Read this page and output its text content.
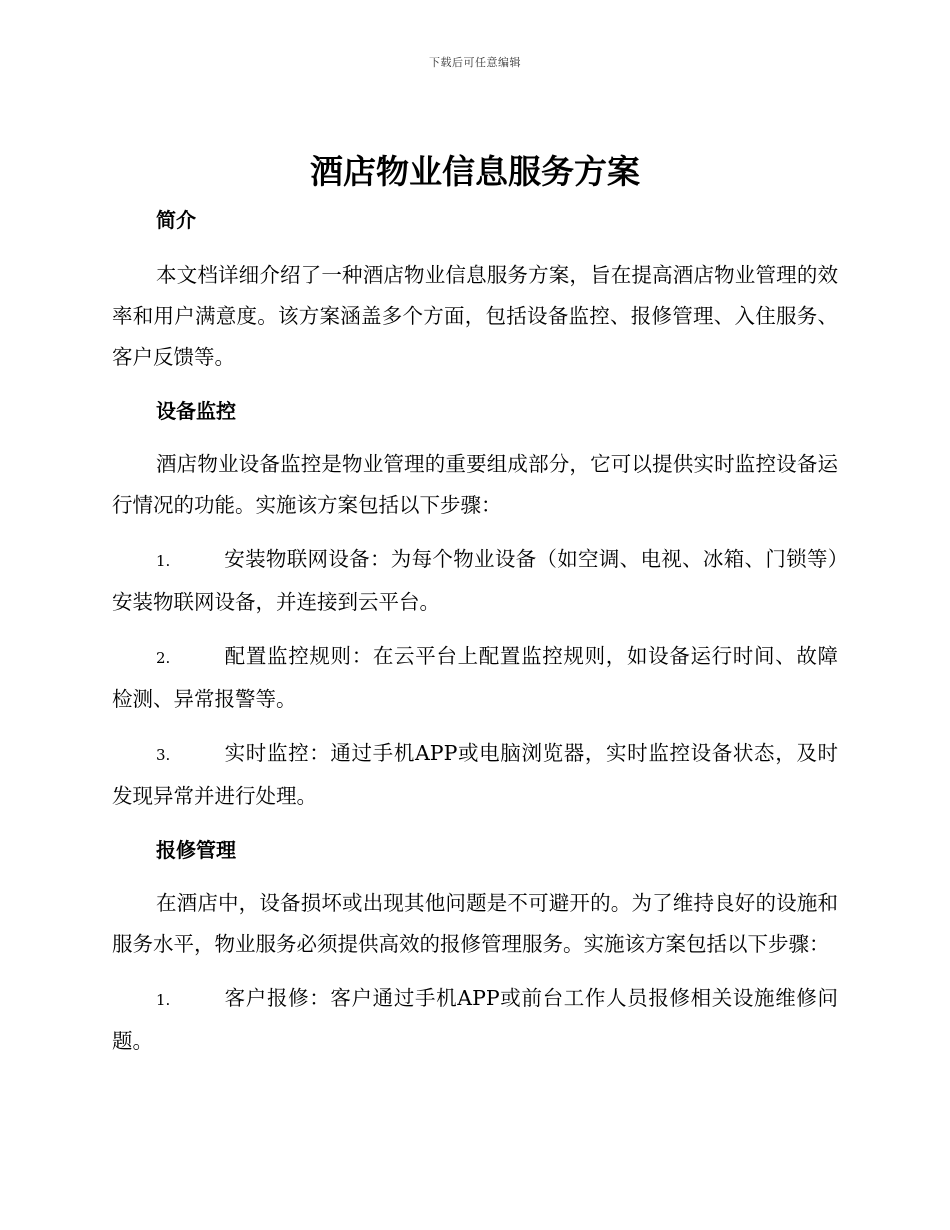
下载后可任意编辑
酒店物业信息服务方案
简介

本文档详细介绍了一种酒店物业信息服务方案，旨在提高酒店物业管理的效率和用户满意度。该方案涵盖多个方面，包括设备监控、报修管理、入住服务、客户反馈等。

设备监控

酒店物业设备监控是物业管理的重要组成部分，它可以提供实时监控设备运行情况的功能。实施该方案包括以下步骤：

1.	安装物联网设备：为每个物业设备（如空调、电视、冰箱、门锁等）安装物联网设备，并连接到云平台。

2.	配置监控规则：在云平台上配置监控规则，如设备运行时间、故障检测、异常报警等。

3.	实时监控：通过手机APP或电脑浏览器，实时监控设备状态，及时发现异常并进行处理。

报修管理

在酒店中，设备损坏或出现其他问题是不可避开的。为了维持良好的设施和服务水平，物业服务必须提供高效的报修管理服务。实施该方案包括以下步骤：

1.	客户报修：客户通过手机APP或前台工作人员报修相关设施维修问题。
